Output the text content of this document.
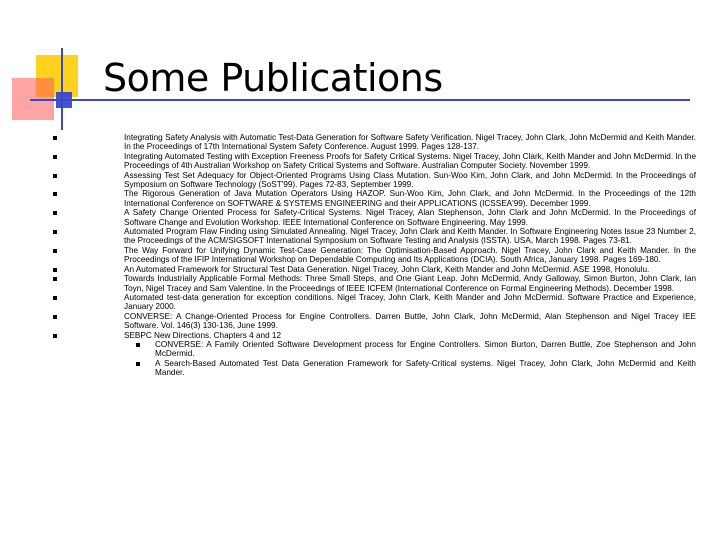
Some Publications
Integrating Safety Analysis with Automatic Test-Data Generation for Software Safety Verification. Nigel Tracey, John Clark, John McDermid and Keith Mander. In the Proceedings of 17th International System Safety Conference. August 1999. Pages 128-137.
Integrating Automated Testing with Exception Freeness Proofs for Safety Critical Systems. Nigel Tracey, John Clark, Keith Mander and John McDermid. In the Proceedings of 4th Australian Workshop on Safety Critical Systems and Software. Australian Computer Society. November 1999.
Assessing Test Set Adequacy for Object-Oriented Programs Using Class Mutation. Sun-Woo Kim, John Clark, and John McDermid. In the Proceedings of Symposium on Software Technology (SoST'99). Pages 72-83, September 1999.
The Rigorous Generation of Java Mutation Operators Using HAZOP. Sun-Woo Kim, John Clark, and John McDermid. In the Proceedings of the 12th International Conference on SOFTWARE & SYSTEMS ENGINEERING and their APPLICATIONS (ICSSEA'99). December 1999.
A Safety Change Oriented Process for Safety-Critical Systems. Nigel Tracey, Alan Stephenson, John Clark and John McDermid. In the Proceedings of Software Change and Evolution Workshop. IEEE International Conference on Software Engineering. May 1999.
Automated Program Flaw Finding using Simulated Annealing. Nigel Tracey, John Clark and Keith Mander. In Software Engineering Notes Issue 23 Number 2, the Proceedings of the ACM/SIGSOFT International Symposium on Software Testing and Analysis (ISSTA). USA, March 1998. Pages 73-81.
The Way Forward for Unifying Dynamic Test-Case Generation: The Optimisation-Based Approach. Nigel Tracey, John Clark and Keith Mander. In the Proceedings of the IFIP International Workshop on Dependable Computing and Its Applications (DCIA). South Africa, January 1998. Pages 169-180.
An Automated Framework for Structural Test Data Generation. Nigel Tracey, John Clark, Keith Mander and John McDermid. ASE 1998, Honolulu.
Towards Industrially Applicable Formal Methods: Three Small Steps, and One Giant Leap. John McDermid, Andy Galloway, Simon Burton, John Clark, Ian Toyn, Nigel Tracey and Sam Valentine. In the Proceedings of IEEE ICFEM (International Conference on Formal Engineering Methods). December 1998.
Automated test-data generation for exception conditions. Nigel Tracey, John Clark, Keith Mander and John McDermid. Software Practice and Experience, January 2000.
CONVERSE: A Change-Oriented Process for Engine Controllers. Darren Buttle, John Clark, John McDermid, Alan Stephenson and Nigel Tracey IEE Software. Vol. 146(3) 130-136, June 1999.
SEBPC New Directions. Chapters 4 and 12
CONVERSE: A Family Oriented Software Development process for Engine Controllers. Simon Burton, Darren Buttle, Zoe Stephenson and John McDermid.
A Search-Based Automated Test Data Generation Framework for Safety-Critical systems. Nigel Tracey, John Clark, John McDermid and Keith Mander.
